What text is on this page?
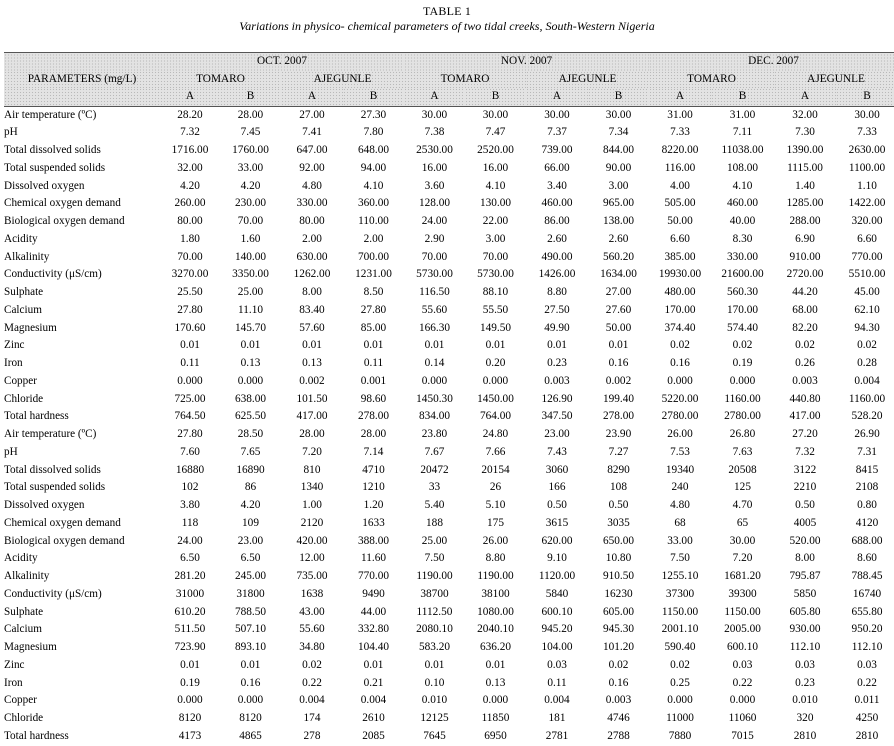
TABLE 1
Variations in physico- chemical parameters of two tidal creeks, South-Western Nigeria
	OCT. 2007				NOV. 2007				DEC. 2007			
PARAMETERS (mg/L)	TOMARO		AJEGUNLE		TOMARO		AJEGUNLE		TOMARO		AJEGUNLE	
	A	B	A	B	A	B	A	B	A	B	A	B
Air temperature (ºC)	28.20	28.00	27.00	27.30	30.00	30.00	30.00	30.00	31.00	31.00	32.00	30.00
pH	7.32	7.45	7.41	7.80	7.38	7.47	7.37	7.34	7.33	7.11	7.30	7.33
Total dissolved solids	1716.00	1760.00	647.00	648.00	2530.00	2520.00	739.00	844.00	8220.00	11038.00	1390.00	2630.00
Total suspended solids	32.00	33.00	92.00	94.00	16.00	16.00	66.00	90.00	116.00	108.00	1115.00	1100.00
Dissolved oxygen	4.20	4.20	4.80	4.10	3.60	4.10	3.40	3.00	4.00	4.10	1.40	1.10
Chemical oxygen demand	260.00	230.00	330.00	360.00	128.00	130.00	460.00	965.00	505.00	460.00	1285.00	1422.00
Biological oxygen demand	80.00	70.00	80.00	110.00	24.00	22.00	86.00	138.00	50.00	40.00	288.00	320.00
Acidity	1.80	1.60	2.00	2.00	2.90	3.00	2.60	2.60	6.60	8.30	6.90	6.60
Alkalinity	70.00	140.00	630.00	700.00	70.00	70.00	490.00	560.20	385.00	330.00	910.00	770.00
Conductivity (μS/cm)	3270.00	3350.00	1262.00	1231.00	5730.00	5730.00	1426.00	1634.00	19930.00	21600.00	2720.00	5510.00
Sulphate	25.50	25.00	8.00	8.50	116.50	88.10	8.80	27.00	480.00	560.30	44.20	45.00
Calcium	27.80	11.10	83.40	27.80	55.60	55.50	27.50	27.60	170.00	170.00	68.00	62.10
Magnesium	170.60	145.70	57.60	85.00	166.30	149.50	49.90	50.00	374.40	574.40	82.20	94.30
Zinc	0.01	0.01	0.01	0.01	0.01	0.01	0.01	0.01	0.02	0.02	0.02	0.02
Iron	0.11	0.13	0.13	0.11	0.14	0.20	0.23	0.16	0.16	0.19	0.26	0.28
Copper	0.000	0.000	0.002	0.001	0.000	0.000	0.003	0.002	0.000	0.000	0.003	0.004
Chloride	725.00	638.00	101.50	98.60	1450.30	1450.00	126.90	199.40	5220.00	1160.00	440.80	1160.00
Total hardness	764.50	625.50	417.00	278.00	834.00	764.00	347.50	278.00	2780.00	2780.00	417.00	528.20
Air temperature (ºC)	27.80	28.50	28.00	28.00	23.80	24.80	23.00	23.90	26.00	26.80	27.20	26.90
pH	7.60	7.65	7.20	7.14	7.67	7.66	7.43	7.27	7.53	7.63	7.32	7.31
Total dissolved solids	16880	16890	810	4710	20472	20154	3060	8290	19340	20508	3122	8415
Total suspended solids	102	86	1340	1210	33	26	166	108	240	125	2210	2108
Dissolved oxygen	3.80	4.20	1.00	1.20	5.40	5.10	0.50	0.50	4.80	4.70	0.50	0.80
Chemical oxygen demand	118	109	2120	1633	188	175	3615	3035	68	65	4005	4120
Biological oxygen demand	24.00	23.00	420.00	388.00	25.00	26.00	620.00	650.00	33.00	30.00	520.00	688.00
Acidity	6.50	6.50	12.00	11.60	7.50	8.80	9.10	10.80	7.50	7.20	8.00	8.60
Alkalinity	281.20	245.00	735.00	770.00	1190.00	1190.00	1120.00	910.50	1255.10	1681.20	795.87	788.45
Conductivity (μS/cm)	31000	31800	1638	9490	38700	38100	5840	16230	37300	39300	5850	16740
Sulphate	610.20	788.50	43.00	44.00	1112.50	1080.00	600.10	605.00	1150.00	1150.00	605.80	655.80
Calcium	511.50	507.10	55.60	332.80	2080.10	2040.10	945.20	945.30	2001.10	2005.00	930.00	950.20
Magnesium	723.90	893.10	34.80	104.40	583.20	636.20	104.00	101.20	590.40	600.10	112.10	112.10
Zinc	0.01	0.01	0.02	0.01	0.01	0.01	0.03	0.02	0.02	0.03	0.03	0.03
Iron	0.19	0.16	0.22	0.21	0.10	0.13	0.11	0.16	0.25	0.22	0.23	0.22
Copper	0.000	0.000	0.004	0.004	0.010	0.000	0.004	0.003	0.000	0.000	0.010	0.011
Chloride	8120	8120	174	2610	12125	11850	181	4746	11000	11060	320	4250
Total hardness	4173	4865	278	2085	7645	6950	2781	2788	7880	7015	2810	2810
